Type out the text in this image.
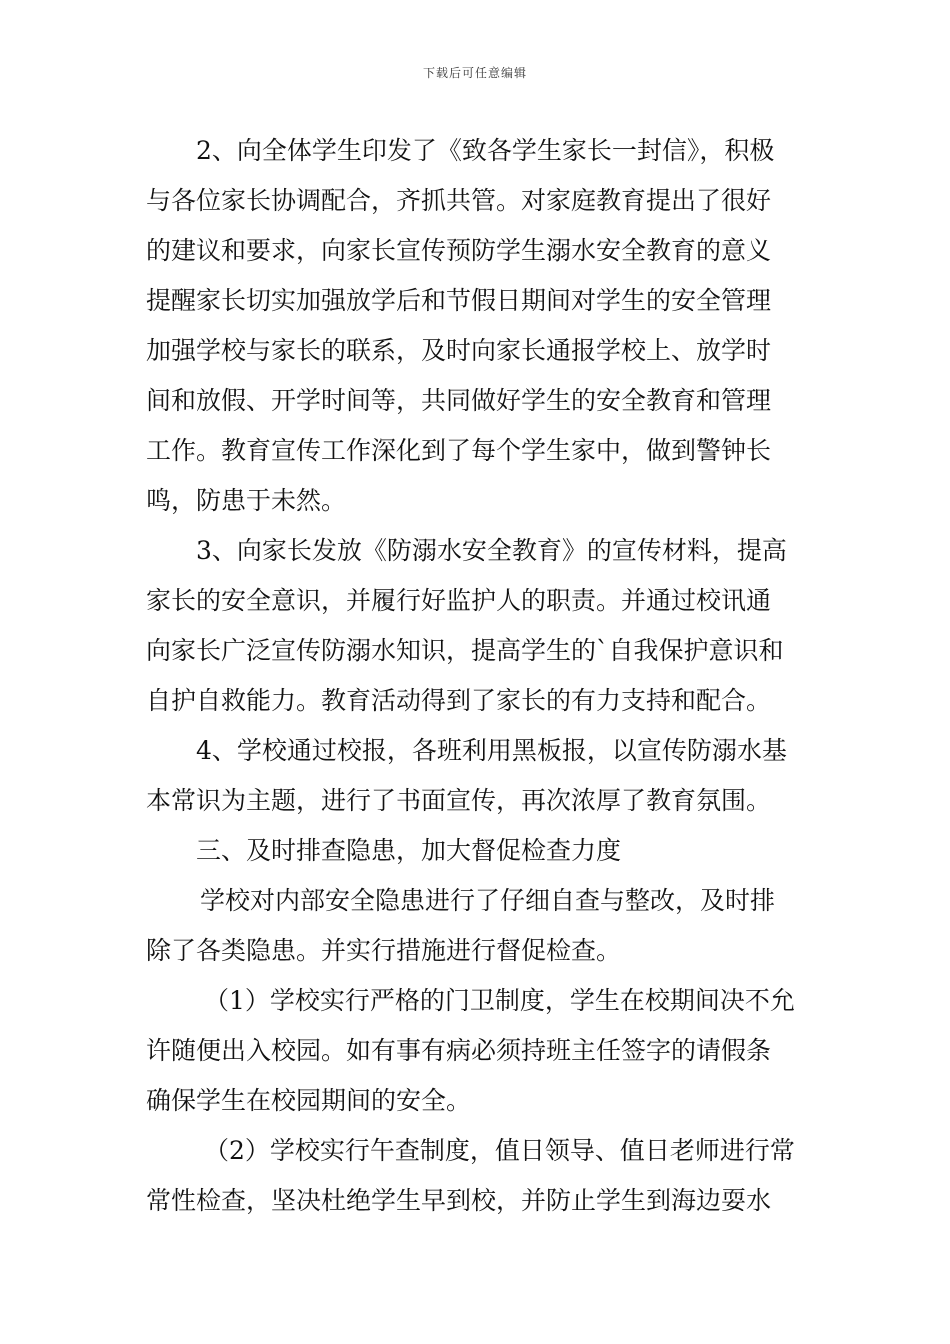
下载后可任意编辑
2、向全体学生印发了《致各学生家长一封信》，积极
与各位家长协调配合，齐抓共管。对家庭教育提出了很好
的建议和要求，向家长宣传预防学生溺水安全教育的意义
提醒家长切实加强放学后和节假日期间对学生的安全管理
加强学校与家长的联系，及时向家长通报学校上、放学时
间和放假、开学时间等，共同做好学生的安全教育和管理
工作。教育宣传工作深化到了每个学生家中，做到警钟长
鸣，防患于未然。
3、向家长发放《防溺水安全教育》的宣传材料，提高
家长的安全意识，并履行好监护人的职责。并通过校讯通
向家长广泛宣传防溺水知识，提高学生的`自我保护意识和
自护自救能力。教育活动得到了家长的有力支持和配合。
4、学校通过校报，各班利用黑板报，以宣传防溺水基
本常识为主题，进行了书面宣传，再次浓厚了教育氛围。
三、及时排查隐患，加大督促检查力度
学校对内部安全隐患进行了仔细自查与整改，及时排
除了各类隐患。并实行措施进行督促检查。
（1）学校实行严格的门卫制度，学生在校期间决不允
许随便出入校园。如有事有病必须持班主任签字的请假条
确保学生在校园期间的安全。
（2）学校实行午查制度，值日领导、值日老师进行常
常性检查，坚决杜绝学生早到校，并防止学生到海边耍水
